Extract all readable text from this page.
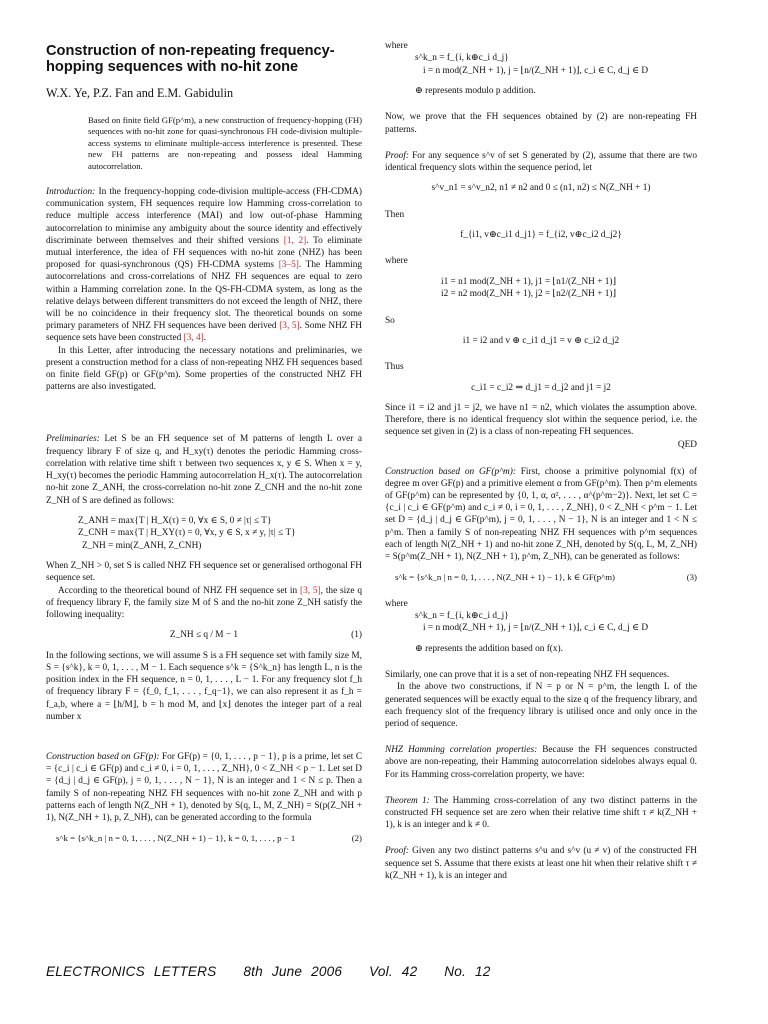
Construction of non-repeating frequency-hopping sequences with no-hit zone
W.X. Ye, P.Z. Fan and E.M. Gabidulin
Based on finite field GF(p^m), a new construction of frequency-hopping (FH) sequences with no-hit zone for quasi-synchronous FH code-division multiple-access systems to eliminate multiple-access interference is presented. These new FH patterns are non-repeating and possess ideal Hamming autocorrelation.

Introduction: In the frequency-hopping code-division multiple-access (FH-CDMA) communication system, FH sequences require low Hamming cross-correlation to reduce multiple access interference (MAI) and low out-of-phase Hamming autocorrelation to minimise any ambiguity about the source identity and effectively discriminate between themselves and their shifted versions [1, 2]. To eliminate mutual interference, the idea of FH sequences with no-hit zone (NHZ) has been proposed for quasi-synchronous (QS) FH-CDMA systems [3–5]. The Hamming autocorrelations and cross-correlations of NHZ FH sequences are equal to zero within a Hamming correlation zone. In the QS-FH-CDMA system, as long as the relative delays between different transmitters do not exceed the length of NHZ, there will be no coincidence in their frequency slot. The theoretical bounds on some primary parameters of NHZ FH sequences have been derived [3, 5]. Some NHZ FH sequence sets have been constructed [3, 4].

In this Letter, after introducing the necessary notations and preliminaries, we present a construction method for a class of non-repeating NHZ FH sequences based on finite field GF(p) or GF(p^m). Some properties of the constructed NHZ FH patterns are also investigated.

Preliminaries: Let S be an FH sequence set of M patterns of length L over a frequency library F of size q, and H_xy(τ) denotes the periodic Hamming cross-correlation with relative time shift τ between two sequences x, y ∈ S. When x = y, H_xy(τ) becomes the periodic Hamming autocorrelation H_x(τ). The autocorrelation no-hit zone Z_ANH, the cross-correlation no-hit zone Z_CNH and the no-hit zone Z_NH of S are defined as follows:

Z_ANH = max{T | H_X(τ) = 0, ∀x ∈ S, 0 ≠ |τ| ≤ T}
Z_CNH = max{T | H_XY(τ) = 0, ∀x, y ∈ S, x ≠ y, |τ| ≤ T}
Z_NH = min(Z_ANH, Z_CNH)

When Z_NH > 0, set S is called NHZ FH sequence set or generalised orthogonal FH sequence set.

According to the theoretical bound of NHZ FH sequence set in [3, 5], the size q of frequency library F, the family size M of S and the no-hit zone Z_NH satisfy the following inequality:

Z_NH ≤ q / M − 1	(1)

In the following sections, we will assume S is a FH sequence set with family size M, S = {s^k}, k = 0, 1, . . . , M − 1. Each sequence s^k = {S^k_n} has length L, n is the position index in the FH sequence, n = 0, 1, . . . , L − 1. For any frequency slot f_h of frequency library F = {f_0, f_1, . . . , f_q−1}, we can also represent it as f_h = f_a,b, where a = ⌊h/M⌋, b = h mod M, and ⌊x⌋ denotes the integer part of a real number x

Construction based on GF(p): For GF(p) = {0, 1, . . . , p − 1}, p is a prime, let set C = {c_i | c_i ∈ GF(p) and c_i ≠ 0, i = 0, 1, . . . , Z_NH}, 0 < Z_NH < p − 1. Let set D = {d_j | d_j ∈ GF(p), j = 0, 1, . . . , N − 1}, N is an integer and 1 < N ≤ p. Then a family S of non-repeating NHZ FH sequences with no-hit zone Z_NH and with p patterns each of length N(Z_NH + 1), denoted by S(q, L, M, Z_NH) = S(p(Z_NH + 1), N(Z_NH + 1), p, Z_NH), can be generated according to the formula

s^k = {s^k_n | n = 0, 1, . . . , N(Z_NH + 1) − 1}, k = 0, 1, . . . , p − 1	(2)

where

s^k_n = f_{i, k⊕c_i d_j}
i = n mod(Z_NH + 1), j = ⌊n/(Z_NH + 1)⌋, c_i ∈ C, d_j ∈ D

⊕ represents modulo p addition.

Now, we prove that the FH sequences obtained by (2) are non-repeating FH patterns.

Proof: For any sequence s^v of set S generated by (2), assume that there are two identical frequency slots within the sequence period, let

s^v_n1 = s^v_n2, n1 ≠ n2 and 0 ≤ (n1, n2) ≤ N(Z_NH + 1)

Then

f_{i1, v⊕c_i1 d_j1} = f_{i2, v⊕c_i2 d_j2}

where

i1 = n1 mod(Z_NH + 1), j1 = ⌊n1/(Z_NH + 1)⌋
i2 = n2 mod(Z_NH + 1), j2 = ⌊n2/(Z_NH + 1)⌋

So

i1 = i2 and v ⊕ c_i1 d_j1 = v ⊕ c_i2 d_j2

Thus

c_i1 = c_i2 ⇒ d_j1 = d_j2 and j1 = j2

Since i1 = i2 and j1 = j2, we have n1 = n2, which violates the assumption above. Therefore, there is no identical frequency slot within the sequence period, i.e. the sequence set given in (2) is a class of non-repeating FH sequences.

QED

Construction based on GF(p^m): First, choose a primitive polynomial f(x) of degree m over GF(p) and a primitive element α from GF(p^m). Then p^m elements of GF(p^m) can be represented by {0, 1, α, α², . . . , α^(p^m−2)}. Next, let set C = {c_i | c_i ∈ GF(p^m) and c_i ≠ 0, i = 0, 1, . . . , Z_NH}, 0 < Z_NH < p^m − 1. Let set D = {d_j | d_j ∈ GF(p^m), j = 0, 1, . . . , N − 1}, N is an integer and 1 < N ≤ p^m. Then a family S of non-repeating NHZ FH sequences with p^m sequences each of length N(Z_NH + 1) and no-hit zone Z_NH, denoted by S(q, L, M, Z_NH) = S(p^m(Z_NH + 1), N(Z_NH + 1), p^m, Z_NH), can be generated as follows:

s^k = {s^k_n | n = 0, 1, . . . , N(Z_NH + 1) − 1}, k ∈ GF(p^m)	(3)

where

s^k_n = f_{i, k⊕c_i d_j}
i = n mod(Z_NH + 1), j = ⌊n/(Z_NH + 1)⌋, c_i ∈ C, d_j ∈ D

⊕ represents the addition based on f(x).

Similarly, one can prove that it is a set of non-repeating NHZ FH sequences.

In the above two constructions, if N = p or N = p^m, the length L of the generated sequences will be exactly equal to the size q of the frequency library, and each frequency slot of the frequency library is utilised once and only once in the period of sequence.

NHZ Hamming correlation properties: Because the FH sequences constructed above are non-repeating, their Hamming autocorrelation sidelobes always equal 0. For its Hamming cross-correlation property, we have:

Theorem 1: The Hamming cross-correlation of any two distinct patterns in the constructed FH sequence set are zero when their relative time shift τ ≠ k(Z_NH + 1), k is an integer and k ≠ 0.

Proof: Given any two distinct patterns s^u and s^v (u ≠ v) of the constructed FH sequence set S. Assume that there exists at least one hit when their relative shift τ ≠ k(Z_NH + 1), k is an integer and

ELECTRONICS LETTERS 8th June 2006 Vol. 42 No. 12
